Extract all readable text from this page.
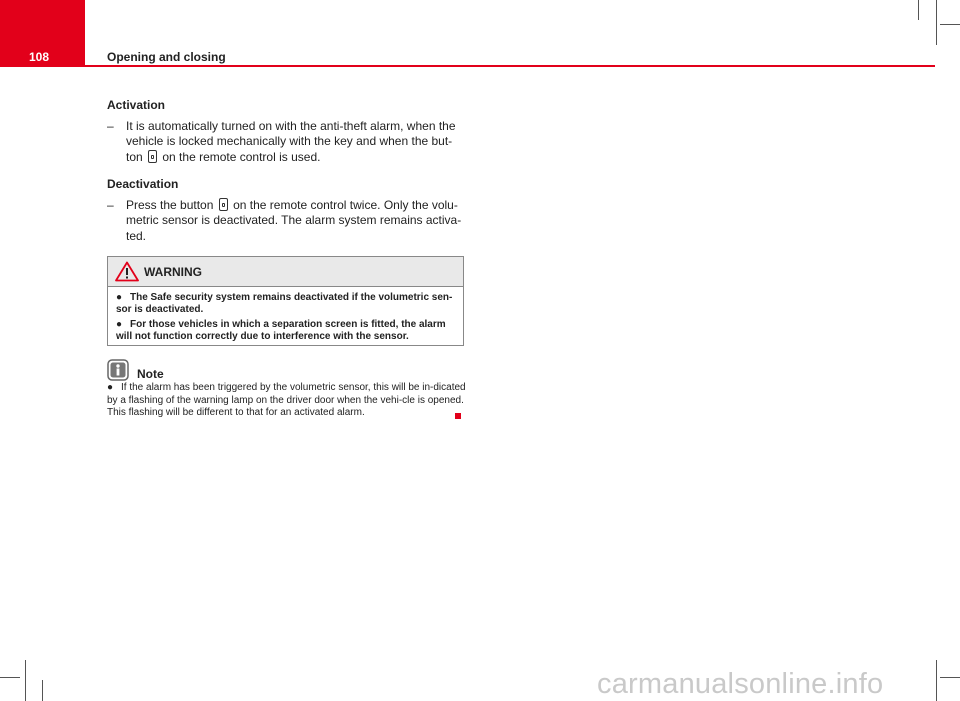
108	Opening and closing
Activation
– It is automatically turned on with the anti-theft alarm, when the vehicle is locked mechanically with the key and when the but-ton on the remote control is used.
Deactivation
– Press the button on the remote control twice. Only the volu-metric sensor is deactivated. The alarm system remains activa-ted.
WARNING
● The Safe security system remains deactivated if the volumetric sen-sor is deactivated.
● For those vehicles in which a separation screen is fitted, the alarm will not function correctly due to interference with the sensor.
Note
● If the alarm has been triggered by the volumetric sensor, this will be in-dicated by a flashing of the warning lamp on the driver door when the vehi-cle is opened. This flashing will be different to that for an activated alarm.
carmanualsonline.info
